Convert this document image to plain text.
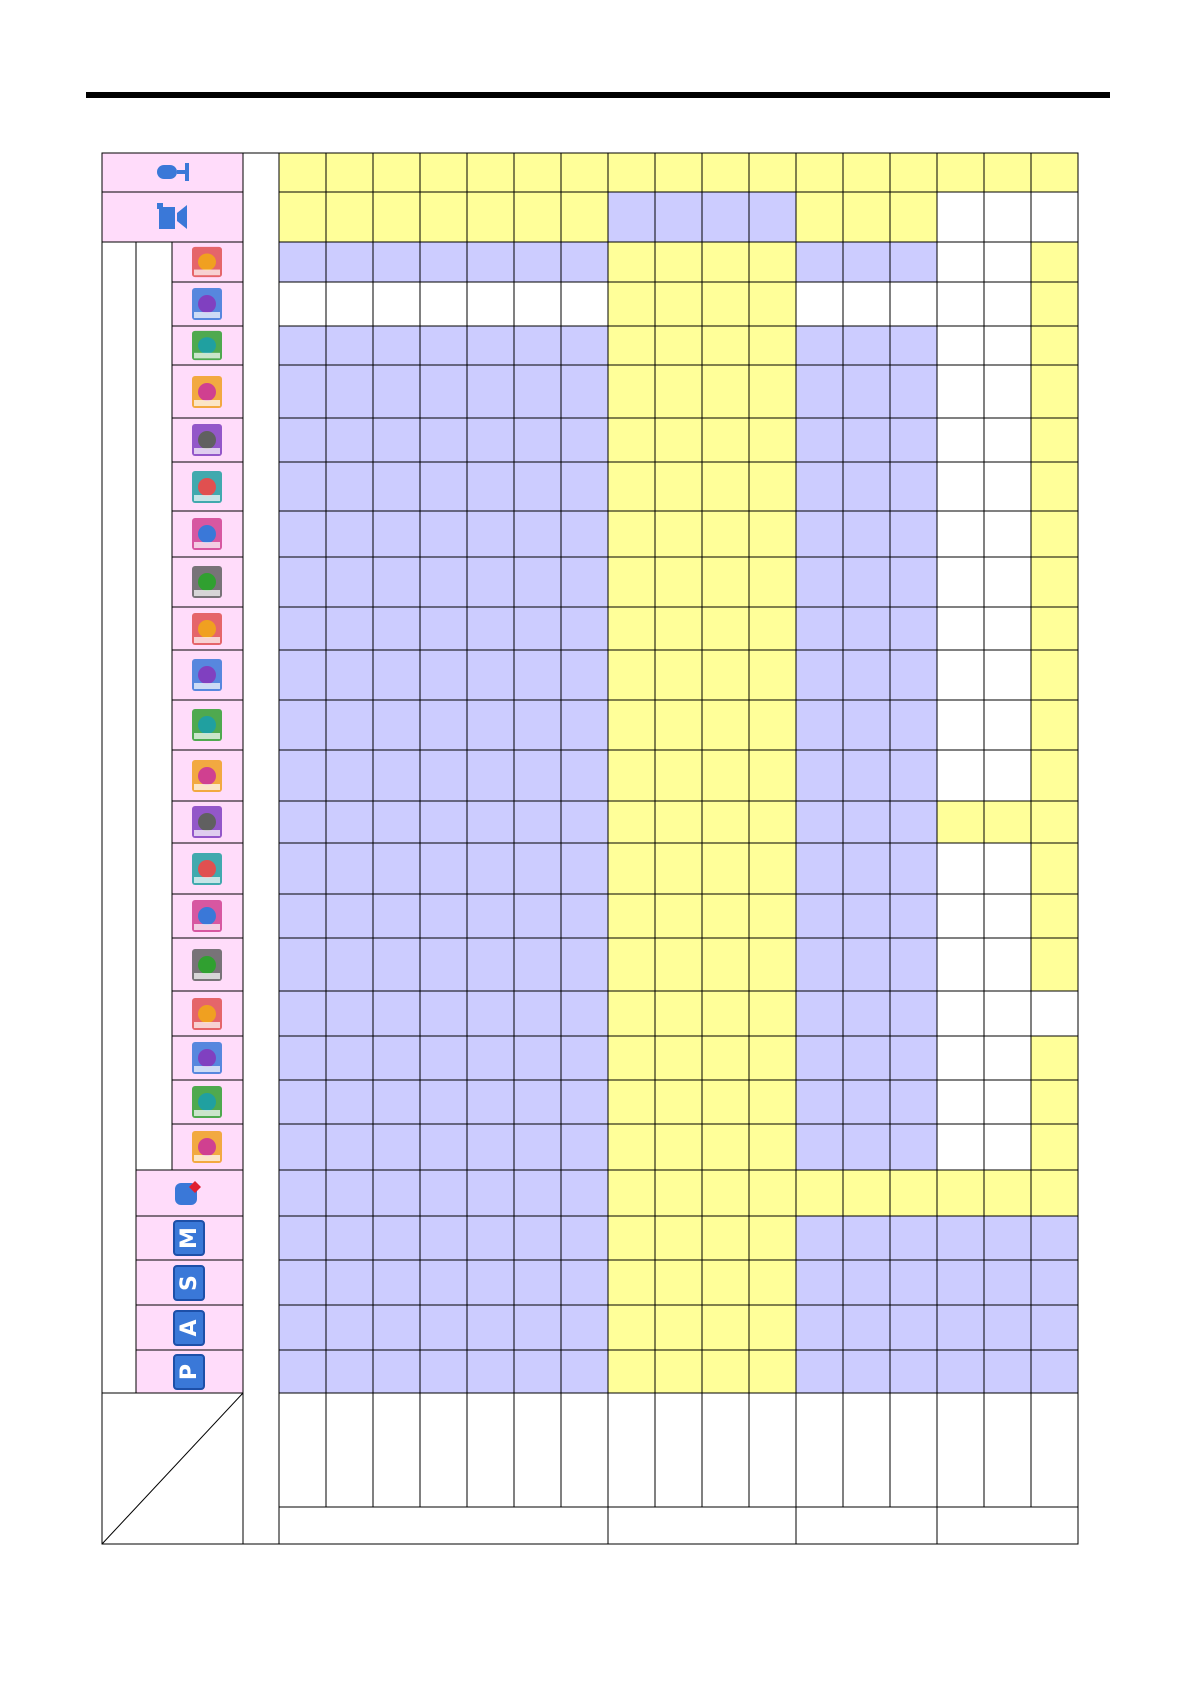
M
S
A
P
